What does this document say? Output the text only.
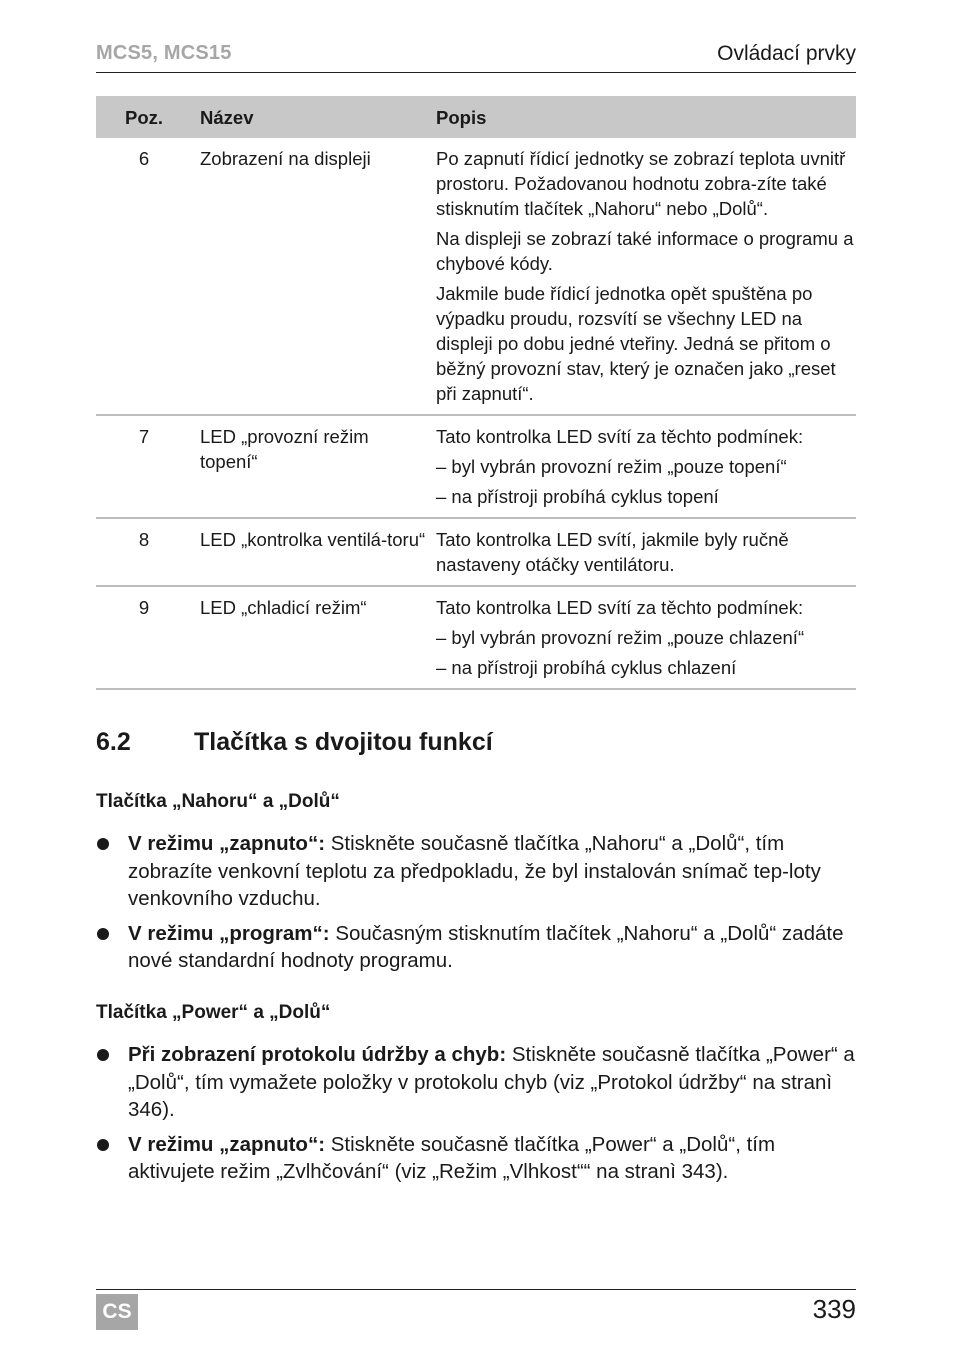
MCS5, MCS15	Ovládací prvky
Poz.	Název	Popis
6	Zobrazení na displeji	Po zapnutí řídicí jednotky se zobrazí teplota uvnitř prostoru. Požadovanou hodnotu zobra-zíte také stisknutím tlačítek „Nahoru“ nebo „Dolů“.

Na displeji se zobrazí také informace o programu a chybové kódy.

Jakmile bude řídicí jednotka opět spuštěna po výpadku proudu, rozsvítí se všechny LED na displeji po dobu jedné vteřiny. Jedná se přitom o běžný provozní stav, který je označen jako „reset při zapnutí“.

7	LED „provozní režim topení“	Tato kontrolka LED svítí za těchto podmínek:

– byl vybrán provozní režim „pouze topení“

– na přístroji probíhá cyklus topení

8	LED „kontrolka ventilá-toru“	Tato kontrolka LED svítí, jakmile byly ručně nastaveny otáčky ventilátoru.

9	LED „chladicí režim“	Tato kontrolka LED svítí za těchto podmínek:

– byl vybrán provozní režim „pouze chlazení“

– na přístroji probíhá cyklus chlazení

6.2	Tlačítka s dvojitou funkcí
Tlačítka „Nahoru“ a „Dolů“
V režimu „zapnuto“: Stiskněte současně tlačítka „Nahoru“ a „Dolů“, tím zobrazíte venkovní teplotu za předpokladu, že byl instalován snímač tep-loty venkovního vzduchu.
V režimu „program“: Současným stisknutím tlačítek „Nahoru“ a „Dolů“ zadáte nové standardní hodnoty programu.
Tlačítka „Power“ a „Dolů“
Při zobrazení protokolu údržby a chyb: Stiskněte současně tlačítka „Power“ a „Dolů“, tím vymažete položky v protokolu chyb (viz „Protokol údržby“ na stranì 346).
V režimu „zapnuto“: Stiskněte současně tlačítka „Power“ a „Dolů“, tím aktivujete režim „Zvlhčování“ (viz „Režim „Vlhkost““ na stranì 343).
CS	339
